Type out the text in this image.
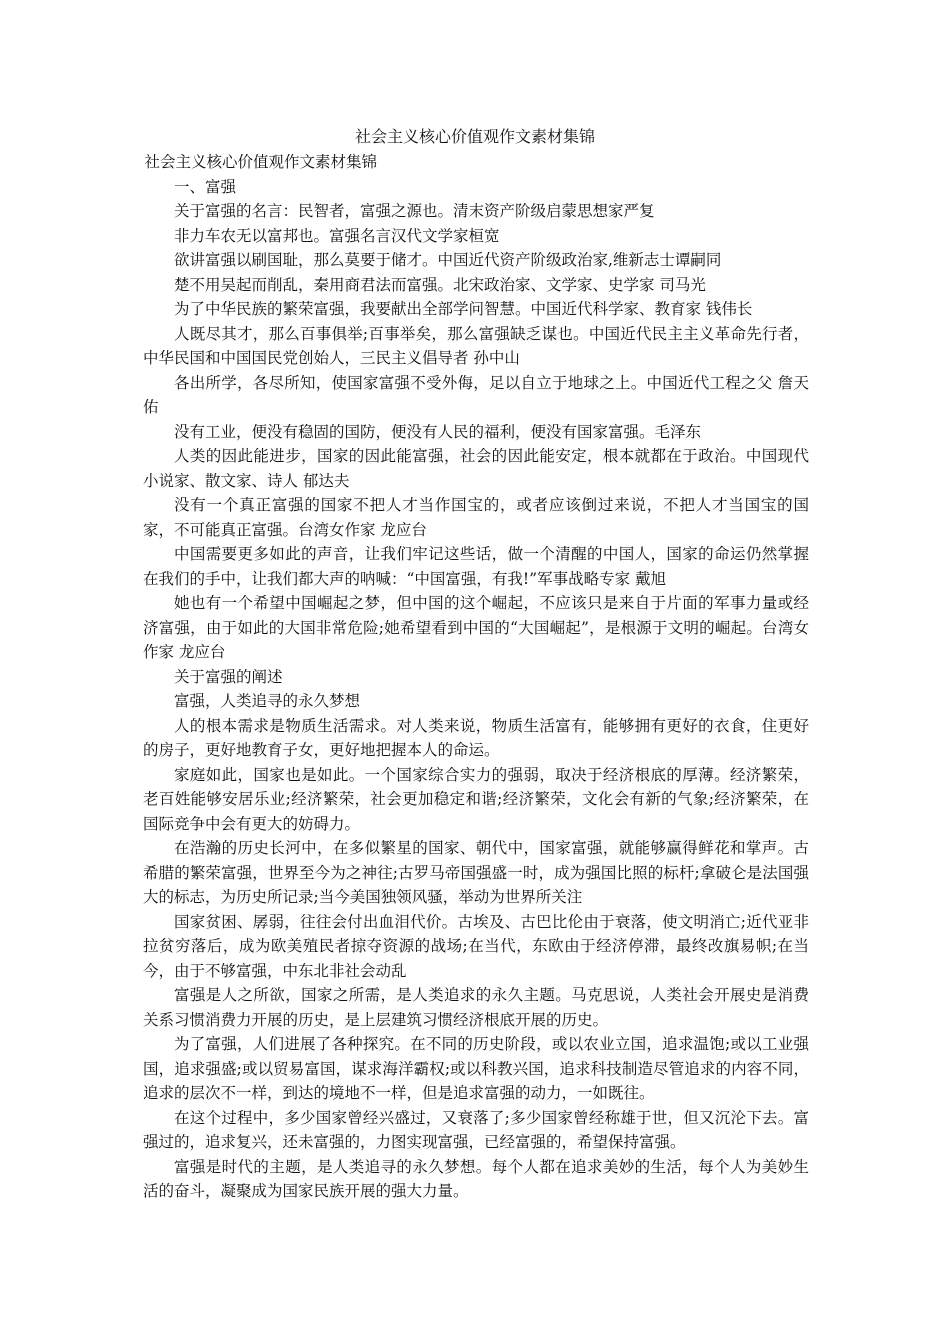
社会主义核心价值观作文素材集锦

社会主义核心价值观作文素材集锦

一、富强

关于富强的名言：民智者，富强之源也。清末资产阶级启蒙思想家严复

非力车农无以富邦也。富强名言汉代文学家桓宽

欲讲富强以刷国耻，那么莫要于储才。中国近代资产阶级政治家,维新志士谭嗣同

楚不用吴起而削乱，秦用商君法而富强。北宋政治家、文学家、史学家 司马光

为了中华民族的繁荣富强，我要献出全部学问智慧。中国近代科学家、教育家 钱伟长

人既尽其才，那么百事俱举;百事举矣，那么富强缺乏谋也。中国近代民主主义革命先行者，中华民国和中国国民党创始人，三民主义倡导者 孙中山

各出所学，各尽所知，使国家富强不受外侮，足以自立于地球之上。中国近代工程之父 詹天佑

没有工业，便没有稳固的国防，便没有人民的福利，便没有国家富强。毛泽东

人类的因此能进步，国家的因此能富强，社会的因此能安定，根本就都在于政治。中国现代小说家、散文家、诗人 郁达夫

没有一个真正富强的国家不把人才当作国宝的，或者应该倒过来说，不把人才当国宝的国家，不可能真正富强。台湾女作家 龙应台

中国需要更多如此的声音，让我们牢记这些话，做一个清醒的中国人，国家的命运仍然掌握在我们的手中，让我们都大声的呐喊：“中国富强，有我!”军事战略专家 戴旭

她也有一个希望中国崛起之梦，但中国的这个崛起，不应该只是来自于片面的军事力量或经济富强，由于如此的大国非常危险;她希望看到中国的“大国崛起”，是根源于文明的崛起。台湾女作家 龙应台

关于富强的阐述

富强，人类追寻的永久梦想

人的根本需求是物质生活需求。对人类来说，物质生活富有，能够拥有更好的衣食，住更好的房子，更好地教育子女，更好地把握本人的命运。

家庭如此，国家也是如此。一个国家综合实力的强弱，取决于经济根底的厚薄。经济繁荣，老百姓能够安居乐业;经济繁荣，社会更加稳定和谐;经济繁荣，文化会有新的气象;经济繁荣，在国际竞争中会有更大的妨碍力。

在浩瀚的历史长河中，在多似繁星的国家、朝代中，国家富强，就能够赢得鲜花和掌声。古希腊的繁荣富强，世界至今为之神往;古罗马帝国强盛一时，成为强国比照的标杆;拿破仑是法国强大的标志，为历史所记录;当今美国独领风骚，举动为世界所关注

国家贫困、孱弱，往往会付出血泪代价。古埃及、古巴比伦由于衰落，使文明消亡;近代亚非拉贫穷落后，成为欧美殖民者掠夺资源的战场;在当代，东欧由于经济停滞，最终改旗易帜;在当今，由于不够富强，中东北非社会动乱

富强是人之所欲，国家之所需，是人类追求的永久主题。马克思说，人类社会开展史是消费关系习惯消费力开展的历史，是上层建筑习惯经济根底开展的历史。

为了富强，人们进展了各种探究。在不同的历史阶段，或以农业立国，追求温饱;或以工业强国，追求强盛;或以贸易富国，谋求海洋霸权;或以科教兴国，追求科技制造尽管追求的内容不同，追求的层次不一样，到达的境地不一样，但是追求富强的动力，一如既往。

在这个过程中，多少国家曾经兴盛过，又衰落了;多少国家曾经称雄于世，但又沉沦下去。富强过的，追求复兴，还未富强的，力图实现富强，已经富强的，希望保持富强。

富强是时代的主题，是人类追寻的永久梦想。每个人都在追求美妙的生活，每个人为美妙生活的奋斗，凝聚成为国家民族开展的强大力量。
